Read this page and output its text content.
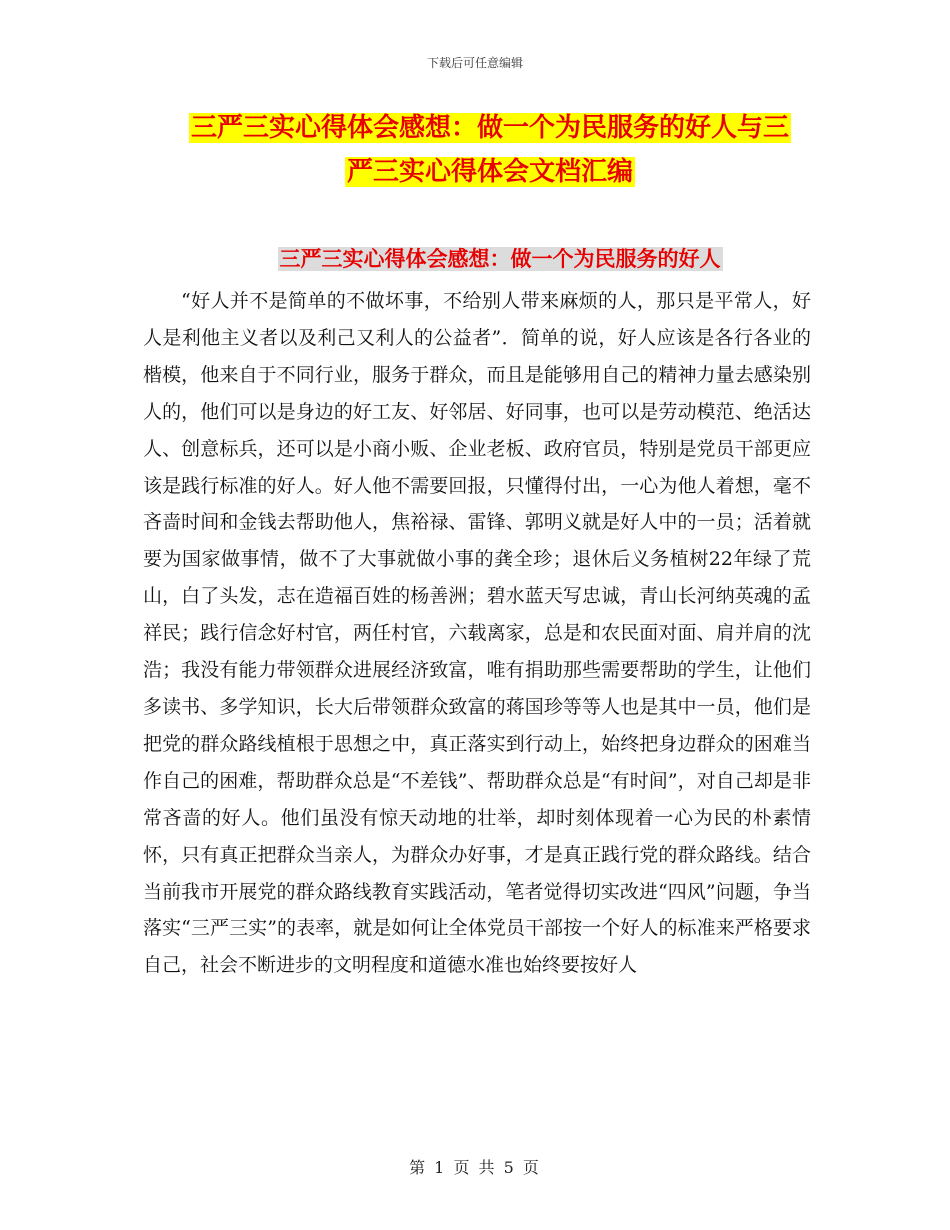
下载后可任意编辑
三严三实心得体会感想：做一个为民服务的好人与三
严三实心得体会文档汇编
三严三实心得体会感想：做一个为民服务的好人

“好人并不是简单的不做坏事，不给别人带来麻烦的人，那只是平常人，好人是利他主义者以及利己又利人的公益者”．简单的说，好人应该是各行各业的楷模，他来自于不同行业，服务于群众，而且是能够用自己的精神力量去感染别人的，他们可以是身边的好工友、好邻居、好同事，也可以是劳动模范、绝活达人、创意标兵，还可以是小商小贩、企业老板、政府官员，特别是党员干部更应该是践行标准的好人。好人他不需要回报，只懂得付出，一心为他人着想，毫不吝啬时间和金钱去帮助他人，焦裕禄、雷锋、郭明义就是好人中的一员；活着就要为国家做事情，做不了大事就做小事的龚全珍；退休后义务植树22年绿了荒山，白了头发，志在造福百姓的杨善洲；碧水蓝天写忠诚，青山长河纳英魂的孟祥民；践行信念好村官，两任村官，六载离家，总是和农民面对面、肩并肩的沈浩；我没有能力带领群众进展经济致富，唯有捐助那些需要帮助的学生，让他们多读书、多学知识，长大后带领群众致富的蒋国珍等等人也是其中一员，他们是把党的群众路线植根于思想之中，真正落实到行动上，始终把身边群众的困难当作自己的困难，帮助群众总是“不差钱”、帮助群众总是“有时间”，对自己却是非常吝啬的好人。他们虽没有惊天动地的壮举，却时刻体现着一心为民的朴素情怀，只有真正把群众当亲人，为群众办好事，才是真正践行党的群众路线。结合当前我市开展党的群众路线教育实践活动，笔者觉得切实改进“四风”问题，争当落实“三严三实”的表率，就是如何让全体党员干部按一个好人的标准来严格要求自己，社会不断进步的文明程度和道德水准也始终要按好人

第 1 页 共 5 页
